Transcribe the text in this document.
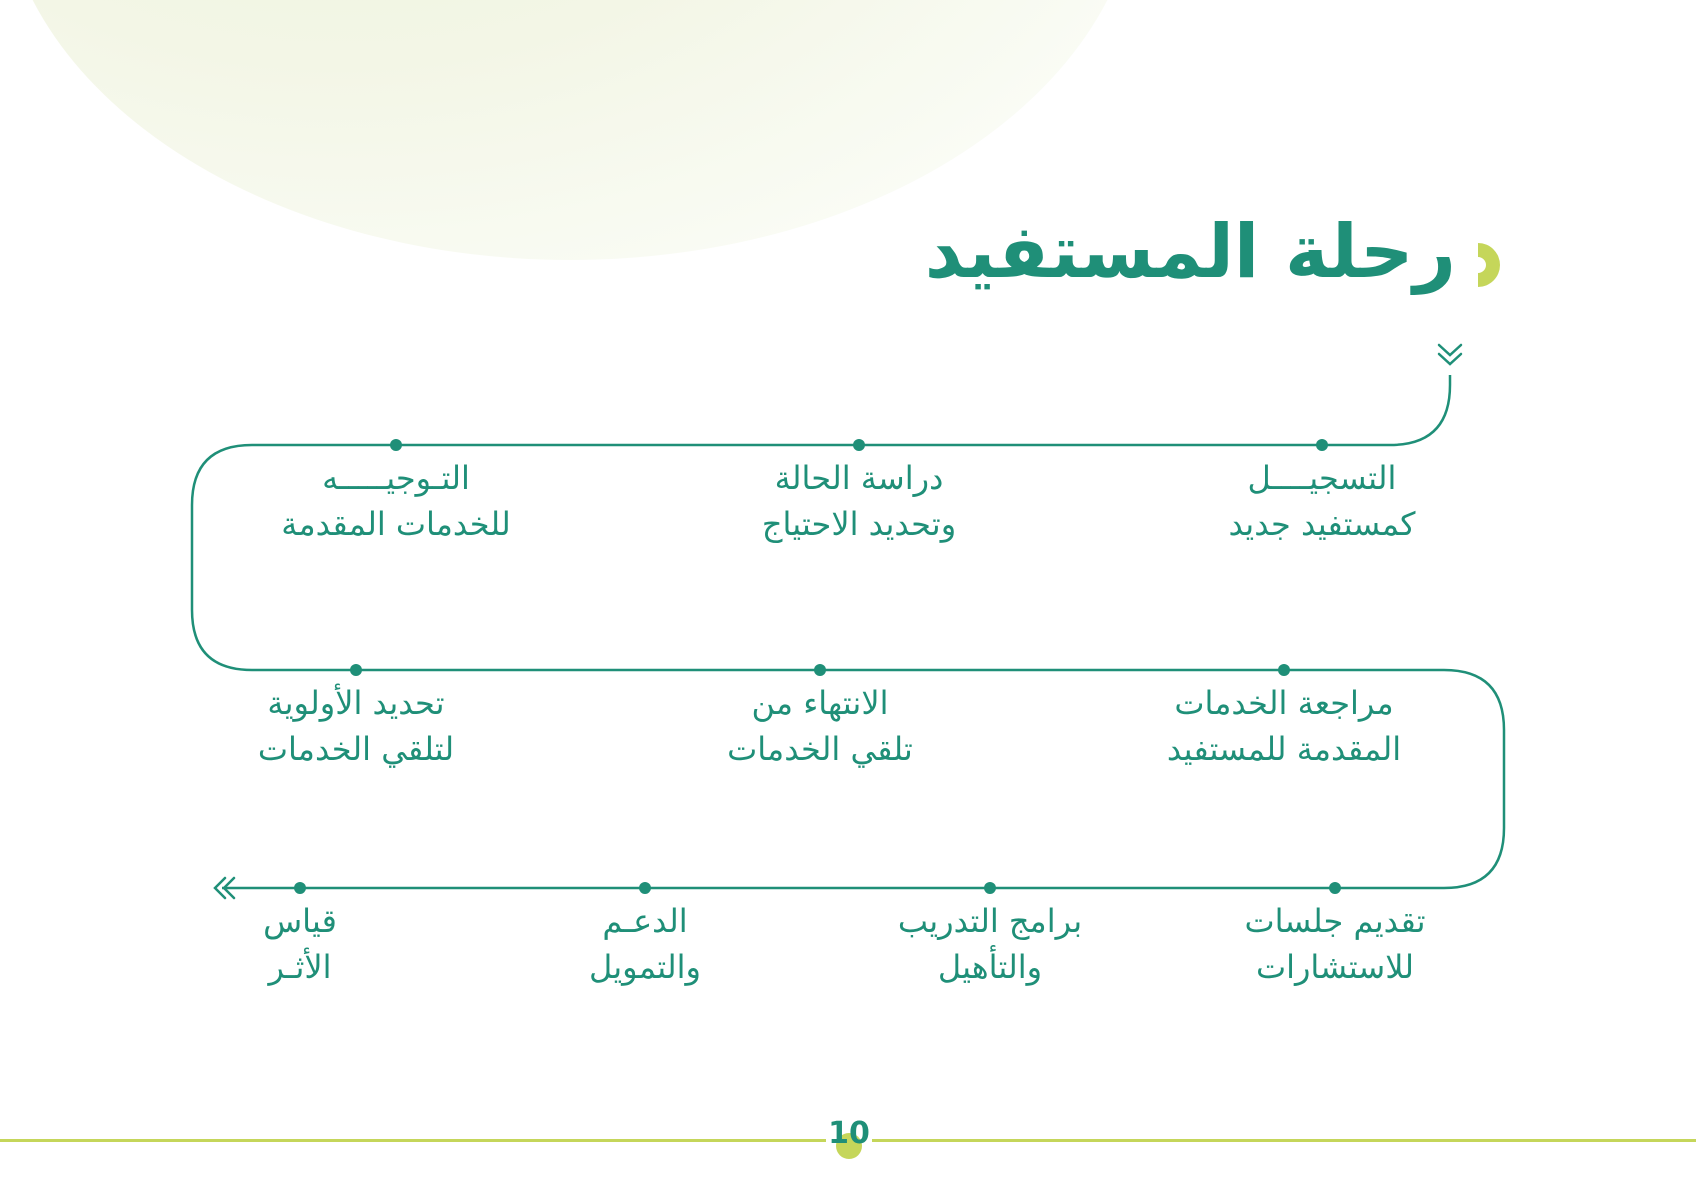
رحلة المستفيد
التسجيــــل
كمستفيد جديد
دراسة الحالة
وتحديد الاحتياج
التـوجيـــــه
للخدمات المقدمة
مراجعة الخدمات
المقدمة للمستفيد
الانتهاء من
تلقي الخدمات
تحديد الأولوية
لتلقي الخدمات
تقديم جلسات
للاستشارات
برامج التدريب
والتأهيل
الدعـم
والتمويل
قياس
الأثـر
10
